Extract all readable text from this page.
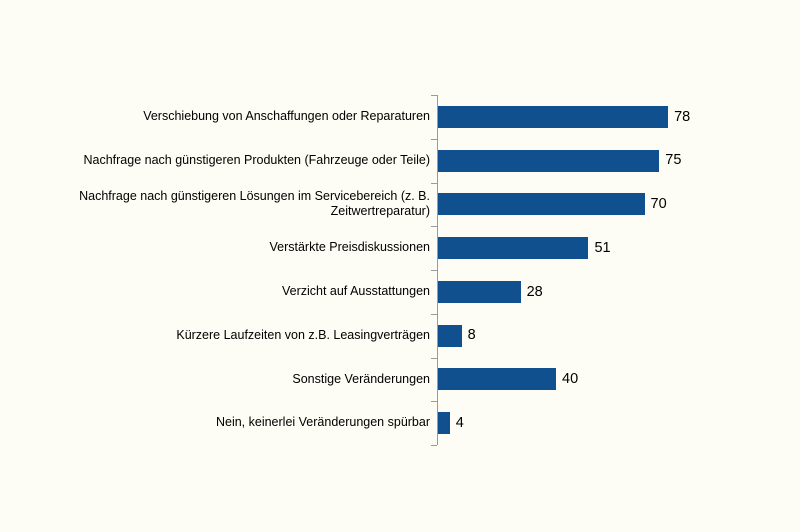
Verschiebung von Anschaffungen oder Reparaturen	78
Nachfrage nach günstigeren Produkten (Fahrzeuge oder Teile)	75
Nachfrage nach günstigeren Lösungen im Servicebereich (z. B. Zeitwertreparatur)	70
Verstärkte Preisdiskussionen	51
Verzicht auf Ausstattungen	28
Kürzere Laufzeiten von z.B. Leasingverträgen	8
Sonstige Veränderungen	40
Nein, keinerlei Veränderungen spürbar 4
